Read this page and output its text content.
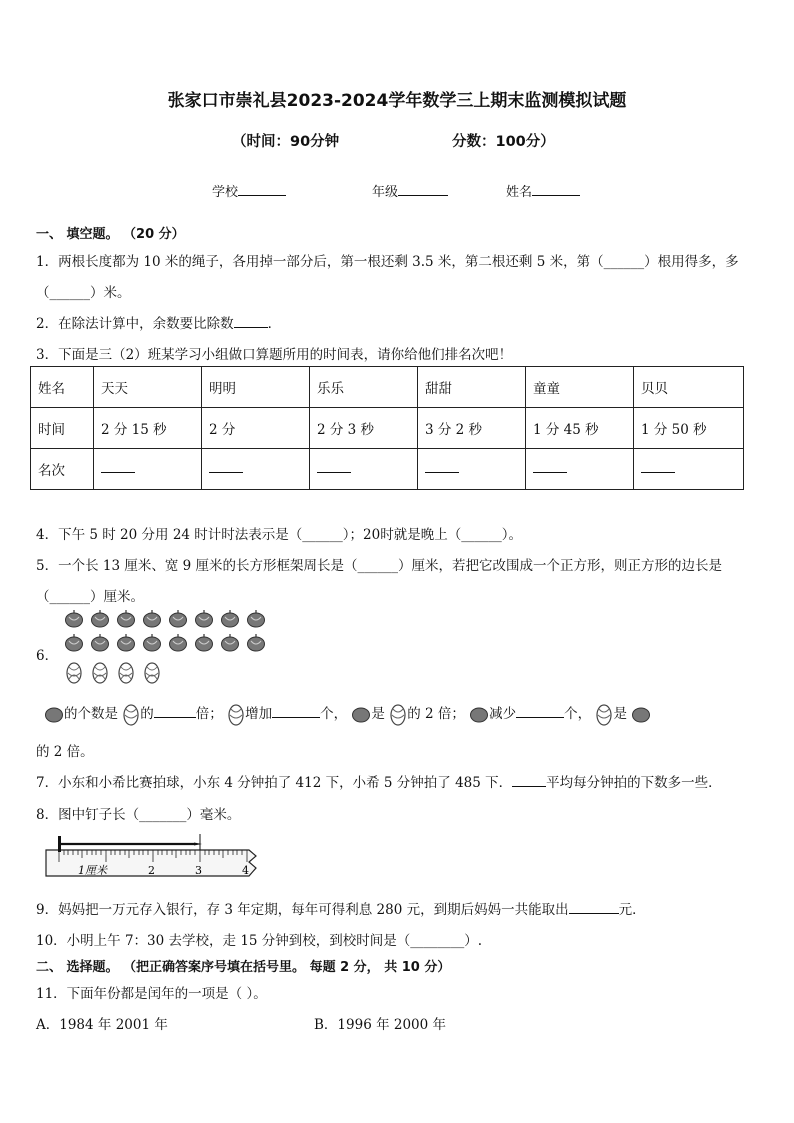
张家口市崇礼县2023-2024学年数学三上期末监测模拟试题
（时间：90分钟	分数：100分）
学校	年级	姓名
一、 填空题。 （20 分）
1．两根长度都为 10 米的绳子，各用掉一部分后，第一根还剩 3.5 米，第二根还剩 5 米，第（______）根用得多，多
（______）米。
2．在除法计算中，余数要比除数	．
3．下面是三（2）班某学习小组做口算题所用的时间表，请你给他们排名次吧！
姓名	天天	明明	乐乐	甜甜	童童	贝贝
时间	2 分 15 秒	2 分	2 分 3 秒	3 分 2 秒	1 分 45 秒	1 分 50 秒
名次						
4．下午 5 时 20 分用 24 时计时法表示是（______）；20时就是晚上（______）。
5．一个长 13 厘米、宽 9 厘米的长方形框架周长是（______）厘米，若把它改围成一个正方形，则正方形的边长是
（______）厘米。
6．
的个数是 的	倍； 增加	个， 是 的 2 倍； 减少	个， 是
的 2 倍。
7．小东和小希比赛拍球，小东 4 分钟拍了 412 下，小希 5 分钟拍了 485 下．	平均每分钟拍的下数多一些．
8．图中钉子长（_______）毫米。
1厘米	2	3	4
9．妈妈把一万元存入银行，存 3 年定期，每年可得利息 280 元，到期后妈妈一共能取出	元．
10．小明上午 7：30 去学校，走 15 分钟到校，到校时间是（________）.
二、 选择题。 （把正确答案序号填在括号里。 每题 2 分， 共 10 分）
11．下面年份都是闰年的一项是（ ）。
A．1984 年 2001 年	B．1996 年 2000 年
